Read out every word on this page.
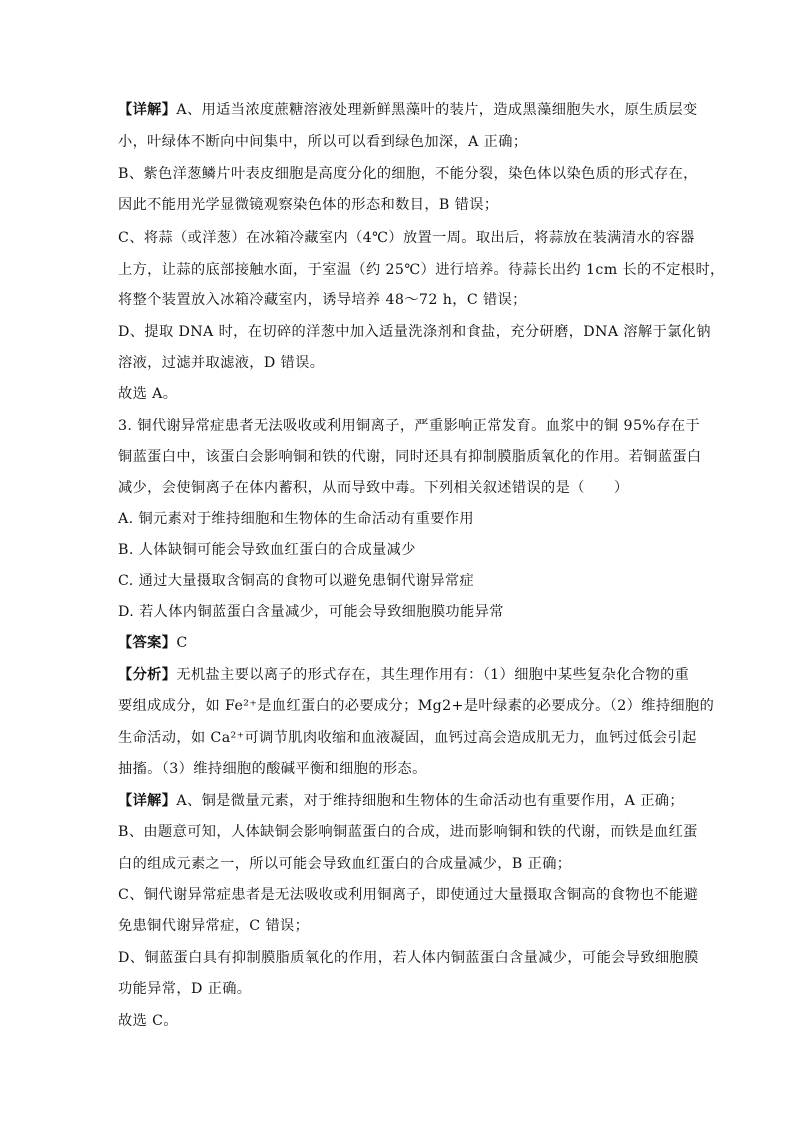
【详解】A、用适当浓度蔗糖溶液处理新鲜黑藻叶的装片，造成黑藻细胞失水，原生质层变
小，叶绿体不断向中间集中，所以可以看到绿色加深，A 正确；
B、紫色洋葱鳞片叶表皮细胞是高度分化的细胞，不能分裂，染色体以染色质的形式存在，
因此不能用光学显微镜观察染色体的形态和数目，B 错误；
C、将蒜（或洋葱）在冰箱冷藏室内（4℃）放置一周。取出后，将蒜放在装满清水的容器
上方，让蒜的底部接触水面，于室温（约 25℃）进行培养。待蒜长出约 1cm 长的不定根时，
将整个装置放入冰箱冷藏室内，诱导培养 48～72 h，C 错误；
D、提取 DNA 时，在切碎的洋葱中加入适量洗涤剂和食盐，充分研磨，DNA 溶解于氯化钠
溶液，过滤并取滤液，D 错误。
故选 A。
3. 铜代谢异常症患者无法吸收或利用铜离子，严重影响正常发育。血浆中的铜 95%存在于
铜蓝蛋白中，该蛋白会影响铜和铁的代谢，同时还具有抑制膜脂质氧化的作用。若铜蓝蛋白
减少，会使铜离子在体内蓄积，从而导致中毒。下列相关叙述错误的是（　　）
A. 铜元素对于维持细胞和生物体的生命活动有重要作用
B. 人体缺铜可能会导致血红蛋白的合成量减少
C. 通过大量摄取含铜高的食物可以避免患铜代谢异常症
D. 若人体内铜蓝蛋白含量减少，可能会导致细胞膜功能异常
【答案】C
【分析】无机盐主要以离子的形式存在，其生理作用有：（1）细胞中某些复杂化合物的重
要组成成分，如 Fe²⁺是血红蛋白的必要成分；Mg2+是叶绿素的必要成分。（2）维持细胞的
生命活动，如 Ca²⁺可调节肌肉收缩和血液凝固，血钙过高会造成肌无力，血钙过低会引起
抽搐。（3）维持细胞的酸碱平衡和细胞的形态。
【详解】A、铜是微量元素，对于维持细胞和生物体的生命活动也有重要作用，A 正确；
B、由题意可知，人体缺铜会影响铜蓝蛋白的合成，进而影响铜和铁的代谢，而铁是血红蛋
白的组成元素之一，所以可能会导致血红蛋白的合成量减少，B 正确；
C、铜代谢异常症患者是无法吸收或利用铜离子，即使通过大量摄取含铜高的食物也不能避
免患铜代谢异常症，C 错误；
D、铜蓝蛋白具有抑制膜脂质氧化的作用，若人体内铜蓝蛋白含量减少，可能会导致细胞膜
功能异常，D 正确。
故选 C。
